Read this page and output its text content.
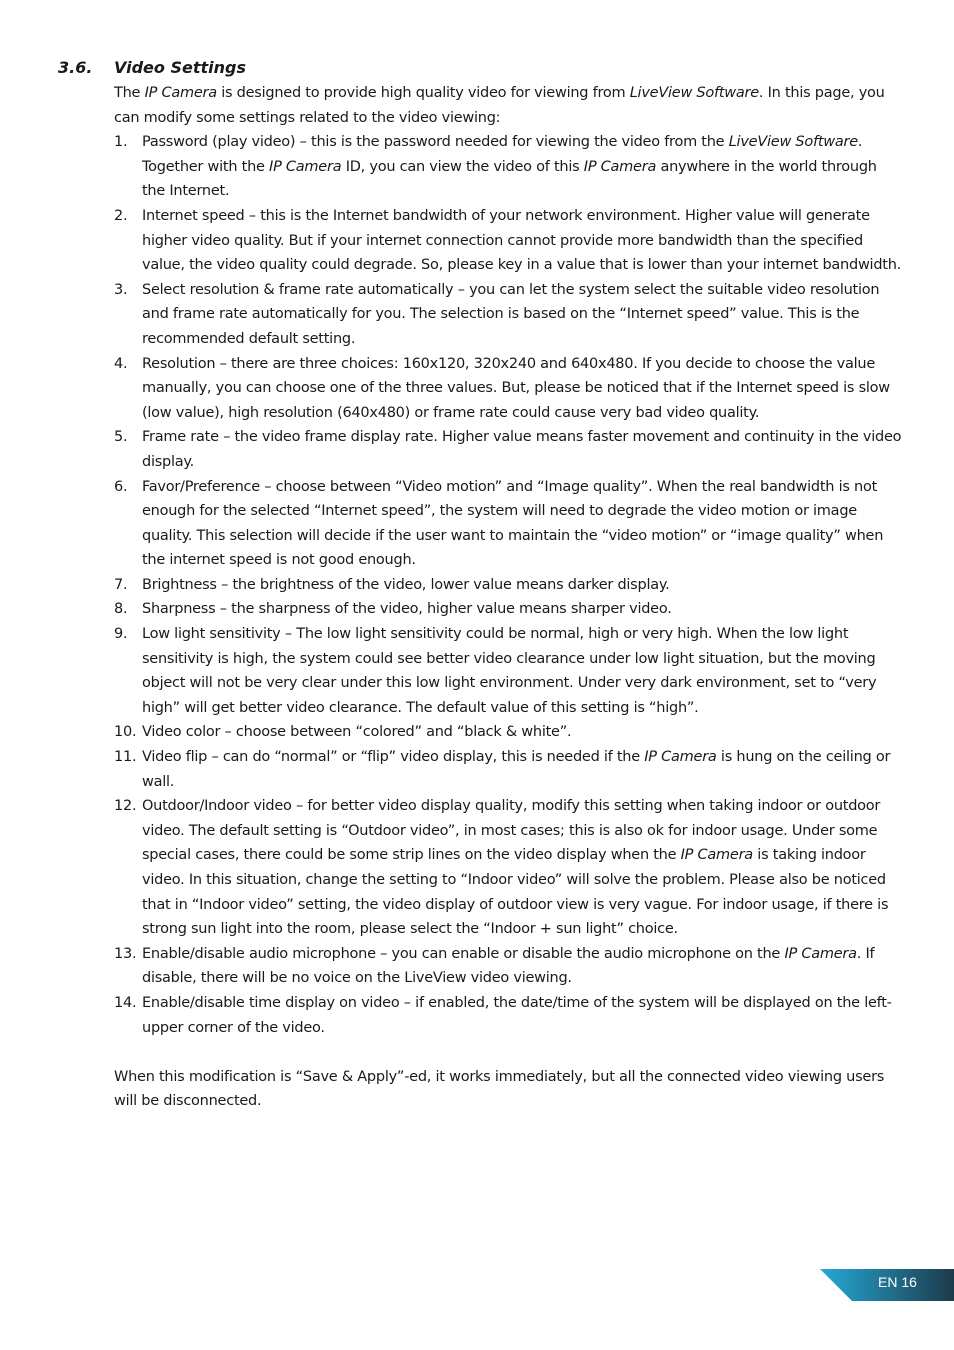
3.6. Video Settings

The IP Camera is designed to provide high quality video for viewing from LiveView Software. In this page, you can modify some settings related to the video viewing:

1. Password (play video) – this is the password needed for viewing the video from the LiveView Software. Together with the IP Camera ID, you can view the video of this IP Camera anywhere in the world through the Internet.
2. Internet speed – this is the Internet bandwidth of your network environment. Higher value will generate higher video quality. But if your internet connection cannot provide more bandwidth than the specified value, the video quality could degrade. So, please key in a value that is lower than your internet bandwidth.
3. Select resolution & frame rate automatically – you can let the system select the suitable video resolution and frame rate automatically for you. The selection is based on the “Internet speed” value. This is the recommended default setting.
4. Resolution – there are three choices: 160x120, 320x240 and 640x480. If you decide to choose the value manually, you can choose one of the three values. But, please be noticed that if the Internet speed is slow (low value), high resolution (640x480) or frame rate could cause very bad video quality.
5. Frame rate – the video frame display rate. Higher value means faster movement and continuity in the video display.
6. Favor/Preference – choose between “Video motion” and “Image quality”. When the real bandwidth is not enough for the selected “Internet speed”, the system will need to degrade the video motion or image quality. This selection will decide if the user want to maintain the “video motion” or “image quality” when the internet speed is not good enough.
7. Brightness – the brightness of the video, lower value means darker display.
8. Sharpness – the sharpness of the video, higher value means sharper video.
9. Low light sensitivity – The low light sensitivity could be normal, high or very high. When the low light sensitivity is high, the system could see better video clearance under low light situation, but the moving object will not be very clear under this low light environment. Under very dark environment, set to “very high” will get better video clearance. The default value of this setting is “high”.
10. Video color – choose between “colored” and “black & white”.
11. Video flip – can do “normal” or “flip” video display, this is needed if the IP Camera is hung on the ceiling or wall.
12. Outdoor/Indoor video – for better video display quality, modify this setting when taking indoor or outdoor video. The default setting is “Outdoor video”, in most cases; this is also ok for indoor usage. Under some special cases, there could be some strip lines on the video display when the IP Camera is taking indoor video. In this situation, change the setting to “Indoor video” will solve the problem. Please also be noticed that in “Indoor video” setting, the video display of outdoor view is very vague. For indoor usage, if there is strong sun light into the room, please select the “Indoor + sun light” choice.
13. Enable/disable audio microphone – you can enable or disable the audio microphone on the IP Camera. If disable, there will be no voice on the LiveView video viewing.
14. Enable/disable time display on video – if enabled, the date/time of the system will be displayed on the left-upper corner of the video.

When this modification is “Save & Apply”-ed, it works immediately, but all the connected video viewing users will be disconnected.

EN 16
